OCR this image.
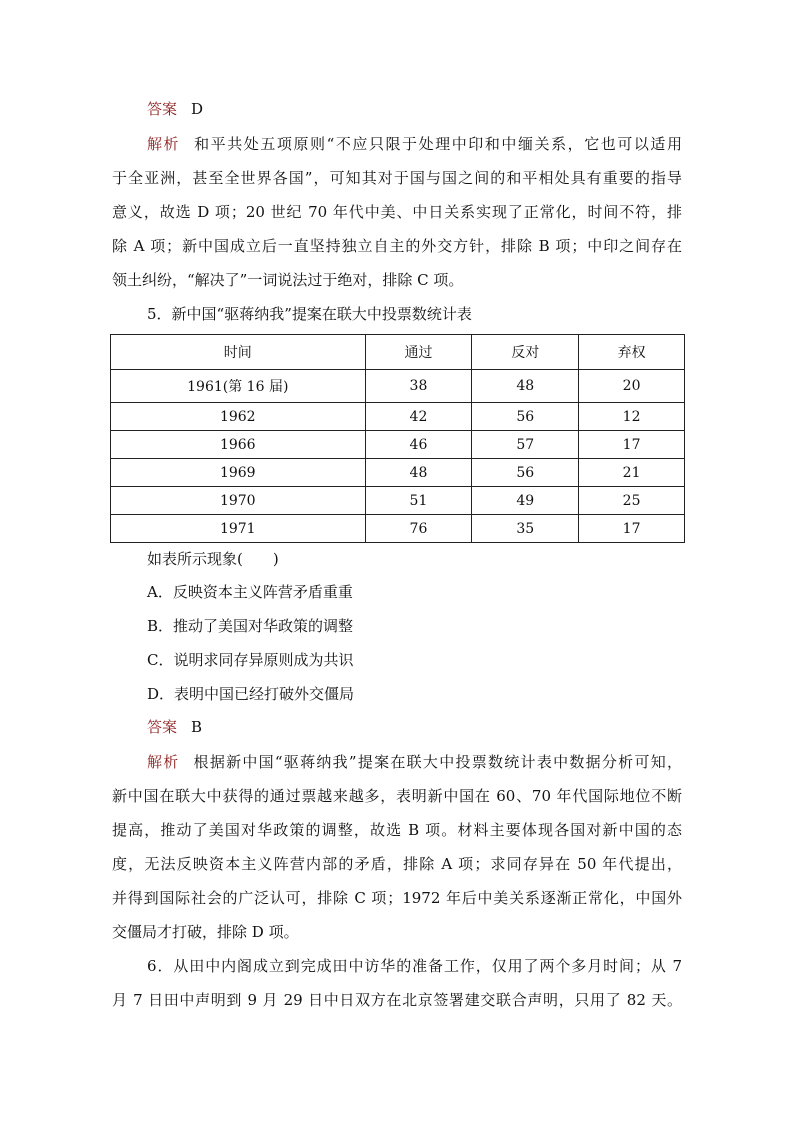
答案 D
解析 和平共处五项原则“不应只限于处理中印和中缅关系，它也可以适用
于全亚洲，甚至全世界各国”，可知其对于国与国之间的和平相处具有重要的指导
意义，故选 D 项；20 世纪 70 年代中美、中日关系实现了正常化，时间不符，排
除 A 项；新中国成立后一直坚持独立自主的外交方针，排除 B 项；中印之间存在
领土纠纷，“解决了”一词说法过于绝对，排除 C 项。
5．新中国“驱蒋纳我”提案在联大中投票数统计表
时间	通过	反对	弃权
1961(第 16 届)	38	48	20
1962	42	56	12
1966	46	57	17
1969	48	56	21
1970	51	49	25
1971	76	35	17
如表所示现象(　　)
A．反映资本主义阵营矛盾重重
B．推动了美国对华政策的调整
C．说明求同存异原则成为共识
D．表明中国已经打破外交僵局
答案 B
解析 根据新中国“驱蒋纳我”提案在联大中投票数统计表中数据分析可知，
新中国在联大中获得的通过票越来越多，表明新中国在 60、70 年代国际地位不断
提高，推动了美国对华政策的调整，故选 B 项。材料主要体现各国对新中国的态
度，无法反映资本主义阵营内部的矛盾，排除 A 项；求同存异在 50 年代提出，
并得到国际社会的广泛认可，排除 C 项；1972 年后中美关系逐渐正常化，中国外
交僵局才打破，排除 D 项。
6．从田中内阁成立到完成田中访华的准备工作，仅用了两个多月时间；从 7
月 7 日田中声明到 9 月 29 日中日双方在北京签署建交联合声明，只用了 82 天。
